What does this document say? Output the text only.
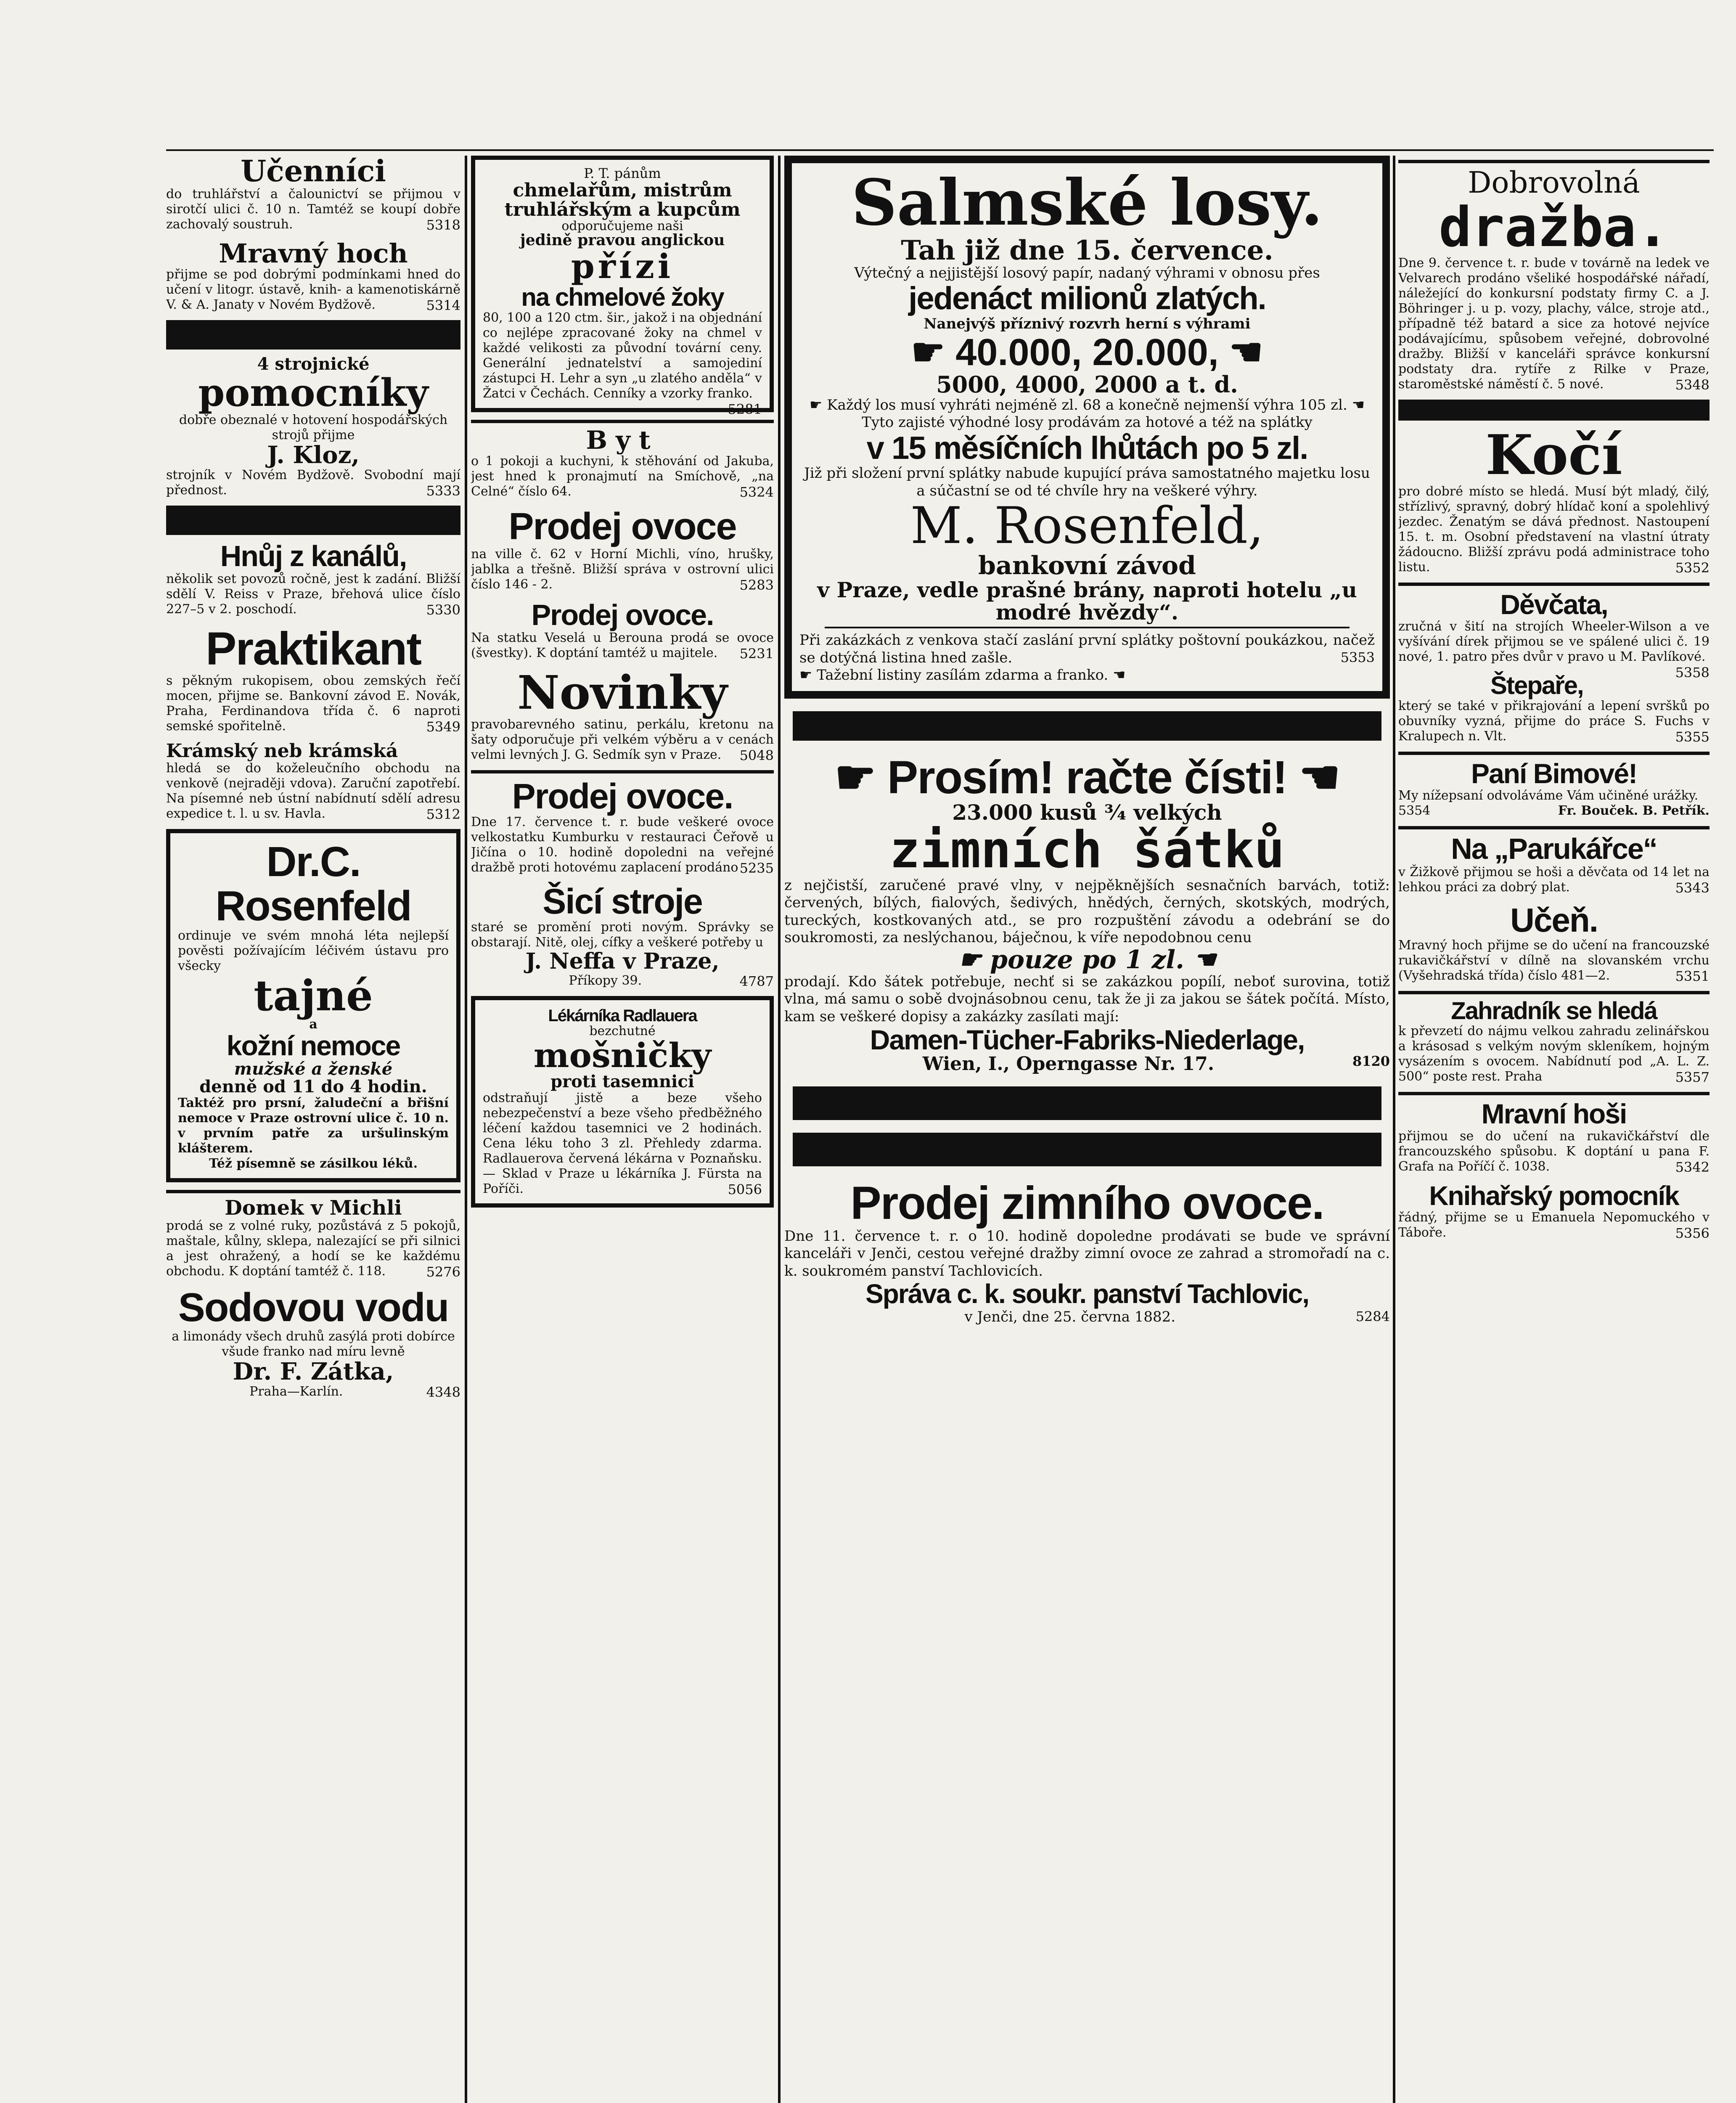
Učenníci
do truhlářství a čalounictví se přijmou v sirotčí ulici č. 10 n. Tamtéž se koupí dobře zachovalý soustruh.	5318
Mravný hoch
přijme se pod dobrými podmínkami hned do učení v litogr. ústavě, knih- a kamenotiskárně V. & A. Janaty v Novém Bydžově.	5314
4 strojnické
pomocníky
dobře obeznalé v hotovení hospodářských strojů přijme
J. Kloz,
strojník v Novém Bydžově. Svobodní mají přednost.	5333
Hnůj z kanálů,
několik set povozů ročně, jest k zadání. Bližší sdělí V. Reiss v Praze, břehová ulice číslo 227–5 v 2. poschodí.	5330
Praktikant
s pěkným rukopisem, obou zemských řečí mocen, přijme se. Bankovní závod E. Novák, Praha, Ferdinandova třída č. 6 naproti semské spořitelně.	5349
Krámský neb krámská
hledá se do koželeučního obchodu na venkově (nejraději vdova). Zaruční zapotřebí. Na písemné neb ústní nabídnutí sdělí adresu expedice t. l. u sv. Havla.	5312
Dr.C. Rosenfeld
ordinuje ve svém mnohá léta nejlepší pověsti požívajícím léčivém ústavu pro všecky
tajné
a
kožní nemoce
mužské a ženské
denně od 11 do 4 hodin.
Taktéž pro prsní, žaludeční a břišní nemoce v Praze ostrovní ulice č. 10 n. v prvním patře za uršulinským klášterem.
Též písemně se zásilkou léků.
Domek v Michli
prodá se z volné ruky, pozůstává z 5 pokojů, maštale, kůlny, sklepa, nalezající se při silnici a jest ohražený, a hodí se ke každému obchodu. K doptání tamtéž č. 118.	5276
Sodovou vodu
a limonády všech druhů zasýlá proti dobírce všude franko nad míru levně
Dr. F. Zátka,
Praha—Karlín.	4348
P. T. pánům
chmelařům, mistrům
truhlářským a kupcům
odporučujeme naši
jedině pravou anglickou
přízi
na chmelové žoky
80, 100 a 120 ctm. šir., jakož i na objednání co nejlépe zpracované žoky na chmel v každé velikosti za původní tovární ceny. Generální jednatelství a samojediní zástupci H. Lehr a syn „u zlatého anděla“ v Žatci v Čechách. Cenníky a vzorky franko.
5281
Byt
o 1 pokoji a kuchyni, k stěhování od Jakuba, jest hned k pronajmutí na Smíchově, „na Celné“ číslo 64.	5324
Prodej ovoce
na ville č. 62 v Horní Michli, víno, hrušky, jablka a třešně. Bližší správa v ostrovní ulici číslo 146 - 2.	5283
Prodej ovoce.
Na statku Veselá u Berouna prodá se ovoce (švestky). K doptání tamtéž u majitele. 5231
Novinky
pravobarevného satinu, perkálu, kretonu na šaty odporučuje při velkém výběru a v cenách velmi levných J. G. Sedmík syn v Praze. 5048
Prodej ovoce.
Dne 17. července t. r. bude veškeré ovoce velkostatku Kumburku v restauraci Čeřově u Jičína o 10. hodině dopoledni na veřejné dražbě proti hotovému zaplacení prodáno 5235
Šicí stroje
staré se promění proti novým. Správky se obstarají. Nitě, olej, cífky a veškeré potřeby u
J. Neffa v Praze,
Příkopy 39.	4787
Lékárníka Radlauera
bezchutné
mošničky
proti tasemnici
odstraňují jistě a beze všeho nebezpečenství a beze všeho předběžného léčení každou tasemnici ve 2 hodinách. Cena léku toho 3 zl. Přehledy zdarma. Radlauerova červená lékárna v Poznaňsku. — Sklad v Praze u lékárníka J. Fürsta na Poříči.	5056
Salmské losy.
Tah již dne 15. července.
Výtečný a nejjistější losový papír, nadaný výhrami v obnosu přes
jedenáct milionů zlatých.
Nanejvýš příznivý rozvrh herní s výhrami
☛ 40.000, 20.000, ☚
5000, 4000, 2000 a t. d.
☛ Každý los musí vyhráti nejméně zl. 68 a konečně nejmenší výhra 105 zl. ☚
Tyto zajisté výhodné losy prodávám za hotové a též na splátky
v 15 měsíčních lhůtách po 5 zl.
Již při složení první splátky nabude kupující práva samostatného majetku losu a súčastní se od té chvíle hry na veškeré výhry.
M. Rosenfeld,
bankovní závod
v Praze, vedle prašné brány, naproti hotelu „u modré hvězdy“.
Při zakázkách z venkova stačí zaslání první splátky poštovní poukázkou, načež se dotýčná listina hned zašle.	5353
☛ Tažební listiny zasílám zdarma a franko. ☚
☛ Prosím! račte čísti! ☚
23.000 kusů ¾ velkých
zimních šátků
z nejčistší, zaručené pravé vlny, v nejpěknějších sesnačních barvách, totiž: červených, bílých, fialových, šedivých, hnědých, černých, skotských, modrých, tureckých, kostkovaných atd., se pro rozpuštění závodu a odebrání se do soukromosti, za neslýchanou, báječnou, k víře nepodobnou cenu
☛ pouze po 1 zl. ☚
prodají. Kdo šátek potřebuje, nechť si se zakázkou popílí, neboť surovina, totiž vlna, má samu o sobě dvojnásobnou cenu, tak že ji za jakou se šátek počítá. Místo, kam se veškeré dopisy a zakázky zasílati mají:
Damen-Tücher-Fabriks-Niederlage,
Wien, I., Operngasse Nr. 17.	8120
Prodej zimního ovoce.
Dne 11. července t. r. o 10. hodině dopoledne prodávati se bude ve správní kanceláři v Jenči, cestou veřejné dražby zimní ovoce ze zahrad a stromořadí na c. k. soukromém panství Tachlovicích.
Správa c. k. soukr. panství Tachlovic,
v Jenči, dne 25. června 1882.	5284
Dobrovolná
dražba.
Dne 9. července t. r. bude v továrně na ledek ve Velvarech prodáno všeliké hospodářské nářadí, náležející do konkursní podstaty firmy C. a J. Böhringer j. u p. vozy, plachy, válce, stroje atd., případně též batard a sice za hotové nejvíce podávajícímu, spůsobem veřejné, dobrovolné dražby. Bližší v kanceláři správce konkursní podstaty dra. rytíře z Rilke v Praze, staroměstské náměstí č. 5 nové.	5348
Kočí
pro dobré místo se hledá. Musí být mladý, čilý, střízlivý, spravný, dobrý hlídač koní a spolehlivý jezdec. Ženatým se dává přednost. Nastoupení 15. t. m. Osobní představení na vlastní útraty žádoucno. Bližší zprávu podá administrace toho listu.	5352
Děvčata,
zručná v šití na strojích Wheeler-Wilson a ve vyšívání dírek přijmou se ve spálené ulici č. 19 nové, 1. patro přes dvůr v pravo u M. Pavlíkové.
5358
Štepaře,
který se také v přikrajování a lepení svršků po obuvníky vyzná, přijme do práce S. Fuchs v Kralupech n. Vlt.	5355
Paní Bimové!
My nížepsaní odvoláváme Vám učiněné urážky.
5354	Fr. Bouček. B. Petřík.
Na „Parukářce“
v Žižkově přijmou se hoši a děvčata od 14 let na lehkou práci za dobrý plat.	5343
Učeň.
Mravný hoch přijme se do učení na francouzské rukavičkářství v dílně na slovanském vrchu (Vyšehradská třída) číslo 481—2.	5351
Zahradník se hledá
k převzetí do nájmu velkou zahradu zelinářskou a krásosad s velkým novým skleníkem, hojným vysázením s ovocem. Nabídnutí pod „A. L. Z. 500“ poste rest. Praha	5357
Mravní hoši
přijmou se do učení na rukavičkářství dle francouzského spůsobu. K doptání u pana F. Grafa na Poříčí č. 1038.	5342
Knihařský pomocník
řádný, přijme se u Emanuela Nepomuckého v Táboře.	5356
